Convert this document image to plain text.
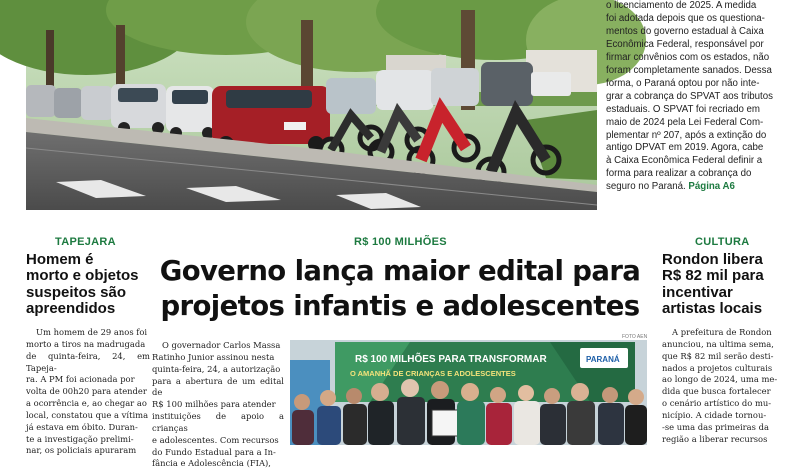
o licenciamento de 2025. A medida
foi adotada depois que os questiona-
mentos do governo estadual à Caixa
Econômica Federal, responsável por
firmar convênios com os estados, não
foram completamente sanados. Dessa
forma, o Paraná optou por não inte-
grar a cobrança do SPVAT aos tributos
estaduais. O SPVAT foi recriado em
maio de 2024 pela Lei Federal Com-
plementar nº 207, após a extinção do
antigo DPVAT em 2019. Agora, cabe
à Caixa Econômica Federal definir a
forma para realizar a cobrança do
seguro no Paraná. Página A6
TAPEJARA	R$ 100 MILHÕES	CULTURA
Homem é
morto e objetos
suspeitos são
apreendidos
Governo lança maior edital para
projetos infantis e adolescentes
Rondon libera
R$ 82 mil para
incentivar
artistas locais
Um homem de 29 anos foi
morto a tiros na madrugada
de quinta-feira, 24, em Tapeja-
ra. A PM foi acionada por
volta de 00h20 para atender
a ocorrência e, ao chegar ao
local, constatou que a vítima
já estava em óbito. Duran-
te a investigação prelimi-
nar, os policiais apuraram
O governador Carlos Massa
Ratinho Junior assinou nesta
quinta-feira, 24, a autorização
para a abertura de um edital de
R$ 100 milhões para atender
instituições de apoio a crianças
e adolescentes. Com recursos
do Fundo Estadual para a In-
fância e Adolescência (FIA),
FOTO AEN
R$ 100 MILHÕES PARA TRANSFORMAR
O AMANHÃ DE CRIANÇAS E ADOLESCENTES
PARANÁ
A prefeitura de Rondon
anunciou, na ultima sema,
que R$ 82 mil serão desti-
nados a projetos culturais
ao longo de 2024, uma me-
dida que busca fortalecer
o cenário artístico do mu-
nicípio. A cidade tornou-
-se uma das primeiras da
região a liberar recursos
